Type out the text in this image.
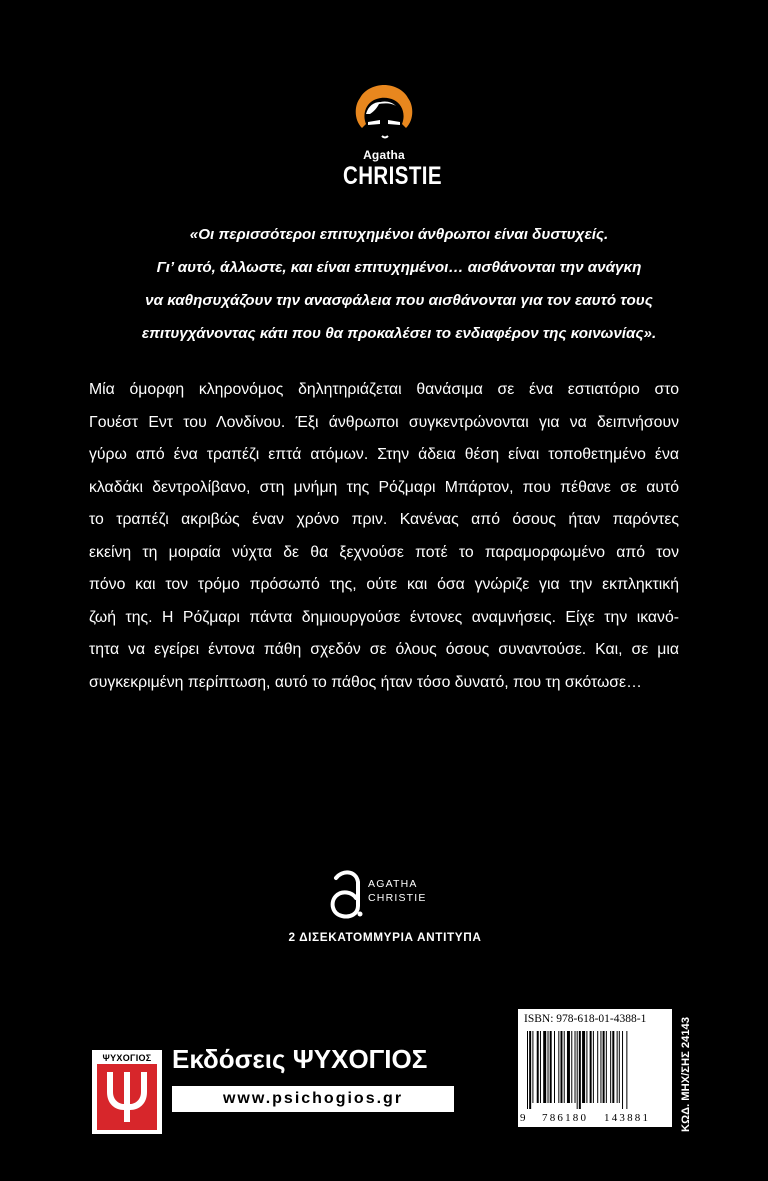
Agatha
CHRISTIE
«Οι περισσότεροι επιτυχημένοι άνθρωποι είναι δυστυχείς.
Γι’ αυτό, άλλωστε, και είναι επιτυχημένοι… αισθάνονται την ανάγκη
να καθησυχάζουν την ανασφάλεια που αισθάνονται για τον εαυτό τους
επιτυγχάνοντας κάτι που θα προκαλέσει το ενδιαφέρον της κοινωνίας».
Μία όμορφη κληρονόμος δηλητηριάζεται θανάσιμα σε ένα εστιατόριο στο
Γουέστ Εντ του Λονδίνου. Έξι άνθρωποι συγκεντρώνονται για να δειπνήσουν
γύρω από ένα τραπέζι επτά ατόμων. Στην άδεια θέση είναι τοποθετημένο ένα
κλαδάκι δεντρολίβανο, στη μνήμη της Ρόζμαρι Μπάρτον, που πέθανε σε αυτό
το τραπέζι ακριβώς έναν χρόνο πριν. Κανένας από όσους ήταν παρόντες
εκείνη τη μοιραία νύχτα δε θα ξεχνούσε ποτέ το παραμορφωμένο από τον
πόνο και τον τρόμο πρόσωπό της, ούτε και όσα γνώριζε για την εκπληκτική
ζωή της. Η Ρόζμαρι πάντα δημιουργούσε έντονες αναμνήσεις. Είχε την ικανό-
τητα να εγείρει έντονα πάθη σχεδόν σε όλους όσους συναντούσε. Και, σε μια
συγκεκριμένη περίπτωση, αυτό το πάθος ήταν τόσο δυνατό, που τη σκότωσε…
AGATHA
CHRISTIE
2 ΔΙΣΕΚΑΤΟΜΜΥΡΙΑ ΑΝΤΙΤΥΠΑ
ΨΥΧΟΓΙΟΣ Εκδόσεις ΨΥΧΟΓΙΟΣ
www.psichogios.gr
ISBN: 978-618-01-4388-1
9 786180 143881	ΚΩΔ. ΜΗΧ/ΣΗΣ 24143
